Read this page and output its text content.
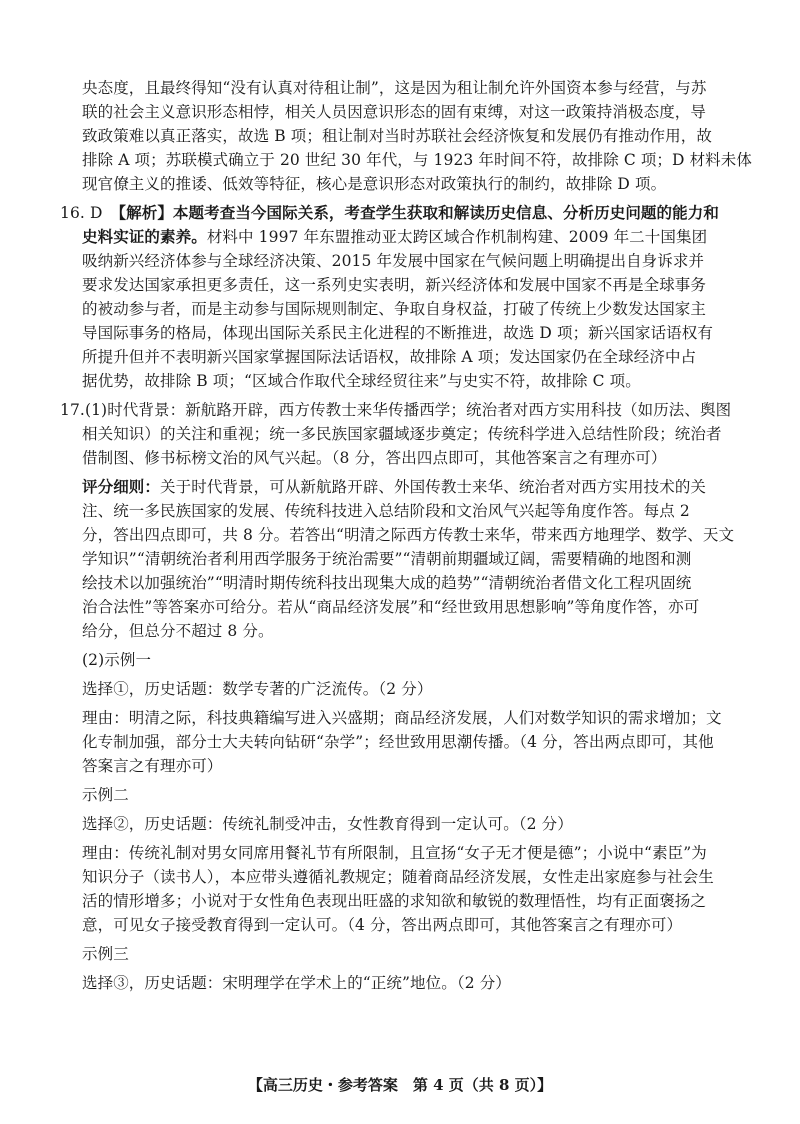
央态度，且最终得知“没有认真对待租让制”，这是因为租让制允许外国资本参与经营，与苏
联的社会主义意识形态相悖，相关人员因意识形态的固有束缚，对这一政策持消极态度，导
致政策难以真正落实，故选 B 项；租让制对当时苏联社会经济恢复和发展仍有推动作用，故
排除 A 项；苏联模式确立于 20 世纪 30 年代，与 1923 年时间不符，故排除 C 项；D 材料未体
现官僚主义的推诿、低效等特征，核心是意识形态对政策执行的制约，故排除 D 项。
16. D 【解析】本题考查当今国际关系，考查学生获取和解读历史信息、分析历史问题的能力和
史料实证的素养。材料中 1997 年东盟推动亚太跨区域合作机制构建、2009 年二十国集团
吸纳新兴经济体参与全球经济决策、2015 年发展中国家在气候问题上明确提出自身诉求并
要求发达国家承担更多责任，这一系列史实表明，新兴经济体和发展中国家不再是全球事务
的被动参与者，而是主动参与国际规则制定、争取自身权益，打破了传统上少数发达国家主
导国际事务的格局，体现出国际关系民主化进程的不断推进，故选 D 项；新兴国家话语权有
所提升但并不表明新兴国家掌握国际法话语权，故排除 A 项；发达国家仍在全球经济中占
据优势，故排除 B 项；“区域合作取代全球经贸往来”与史实不符，故排除 C 项。
17.(1)时代背景：新航路开辟，西方传教士来华传播西学；统治者对西方实用科技（如历法、舆图
相关知识）的关注和重视；统一多民族国家疆域逐步奠定；传统科学进入总结性阶段；统治者
借制图、修书标榜文治的风气兴起。（8 分，答出四点即可，其他答案言之有理亦可）
评分细则：关于时代背景，可从新航路开辟、外国传教士来华、统治者对西方实用技术的关
注、统一多民族国家的发展、传统科技进入总结阶段和文治风气兴起等角度作答。每点 2
分，答出四点即可，共 8 分。若答出“明清之际西方传教士来华，带来西方地理学、数学、天文
学知识”“清朝统治者利用西学服务于统治需要”“清朝前期疆域辽阔，需要精确的地图和测
绘技术以加强统治”“明清时期传统科技出现集大成的趋势”“清朝统治者借文化工程巩固统
治合法性”等答案亦可给分。若从“商品经济发展”和“经世致用思想影响”等角度作答，亦可
给分，但总分不超过 8 分。
(2)示例一
选择①，历史话题：数学专著的广泛流传。（2 分）
理由：明清之际，科技典籍编写进入兴盛期；商品经济发展，人们对数学知识的需求增加；文
化专制加强，部分士大夫转向钻研“杂学”；经世致用思潮传播。（4 分，答出两点即可，其他
答案言之有理亦可）
示例二
选择②，历史话题：传统礼制受冲击，女性教育得到一定认可。（2 分）
理由：传统礼制对男女同席用餐礼节有所限制，且宣扬“女子无才便是德”；小说中“素臣”为
知识分子（读书人），本应带头遵循礼教规定；随着商品经济发展，女性走出家庭参与社会生
活的情形增多；小说对于女性角色表现出旺盛的求知欲和敏锐的数理悟性，均有正面褒扬之
意，可见女子接受教育得到一定认可。（4 分，答出两点即可，其他答案言之有理亦可）
示例三
选择③，历史话题：宋明理学在学术上的“正统”地位。（2 分）
【高三历史・参考答案　第 4 页（共 8 页）】
